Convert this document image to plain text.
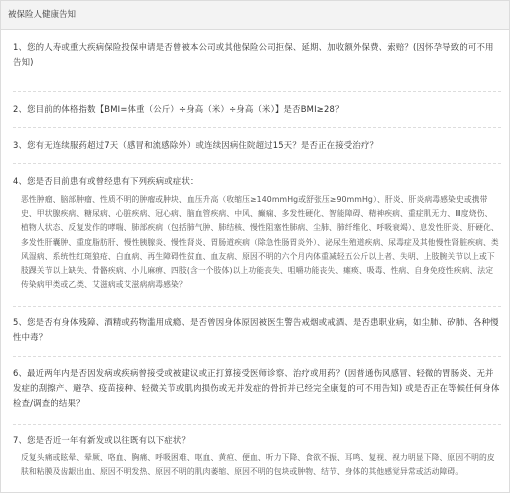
被保险人健康告知

1、您的人寿或重大疾病保险投保申请是否曾被本公司或其他保险公司拒保、延期、加收额外保费、索赔？(因怀孕导致的可不用告知)

2、您目前的体格指数【BMI=体重（公斤）÷身高（米）÷身高（米）】是否BMI≥28？

3、您有无连续服药超过7天（感冒和流感除外）或连续因病住院超过15天？是否正在接受治疗？

4、您是否目前患有或曾经患有下列疾病或症状：

恶性肿瘤、脑部肿瘤、性质不明的肿瘤或肿块、血压升高（收缩压≥140mmHg或舒张压≥90mmHg）、肝炎、肝炎病毒感染史或携带史、甲状腺疾病、糖尿病、心脏疾病、冠心病、脑血管疾病、中风、癫痫、多发性硬化、智能障碍、精神疾病、重症肌无力、Ⅲ度烧伤、植物人状态、反复发作的哮喘、肺部疾病（包括肺气肿、肺结核、慢性阻塞性肺病、尘肺、肺纤维化、呼吸衰竭）、息发性肝炎、肝硬化、多发性肝囊肿、重度脂肪肝、慢性胰腺炎、慢性肾炎、胃肠道疾病（除急性肠胃炎外）、泌尿生殖道疾病、尿毒症及其他慢性肾脏疾病、类风湿病、系统性红斑狼疮、白血病、再生障碍性贫血、血友病、原因不明的六个月内体重减轻五公斤以上者、失明、上肢腕关节以上或下肢踝关节以上缺失、骨骼疾病、小儿麻痹、四肢(含一个肢体)以上功能丧失、咀嚼功能丧失、瘫痪、吸毒、性病、自身免疫性疾病、法定传染病甲类或乙类、艾滋病或艾滋病病毒感染？

5、您是否有身体残障、酒精或药物滥用成瘾、是否曾因身体原因被医生警告戒烟或戒酒、是否患职业病，如尘肺、矽肺、各种慢性中毒？

6、最近两年内是否因发病或疾病曾接受或被建议或正打算接受医师诊察、治疗或用药？(因普通伤风感冒、轻微的胃肠炎、无并发症的刮擦产、避孕、疫苗接种、轻微关节或肌肉损伤或无并发症的骨折并已经完全康复的可不用告知) 或是否正在等候任何身体检查/调查的结果？

7、您是否近一年有新发或以往既有以下症状？

反复头痛或眩晕、晕厥、咯血、胸痛、呼吸困难、呕血、黄疸、便血、听力下降、食欲不振、耳鸣、复视、视力明显下降、原因不明的皮肤和粘膜及齿龈出血、原因不明发热、原因不明的肌肉萎缩、原因不明的包块或肿物、结节、身体的其他感觉异常或活动障碍。
